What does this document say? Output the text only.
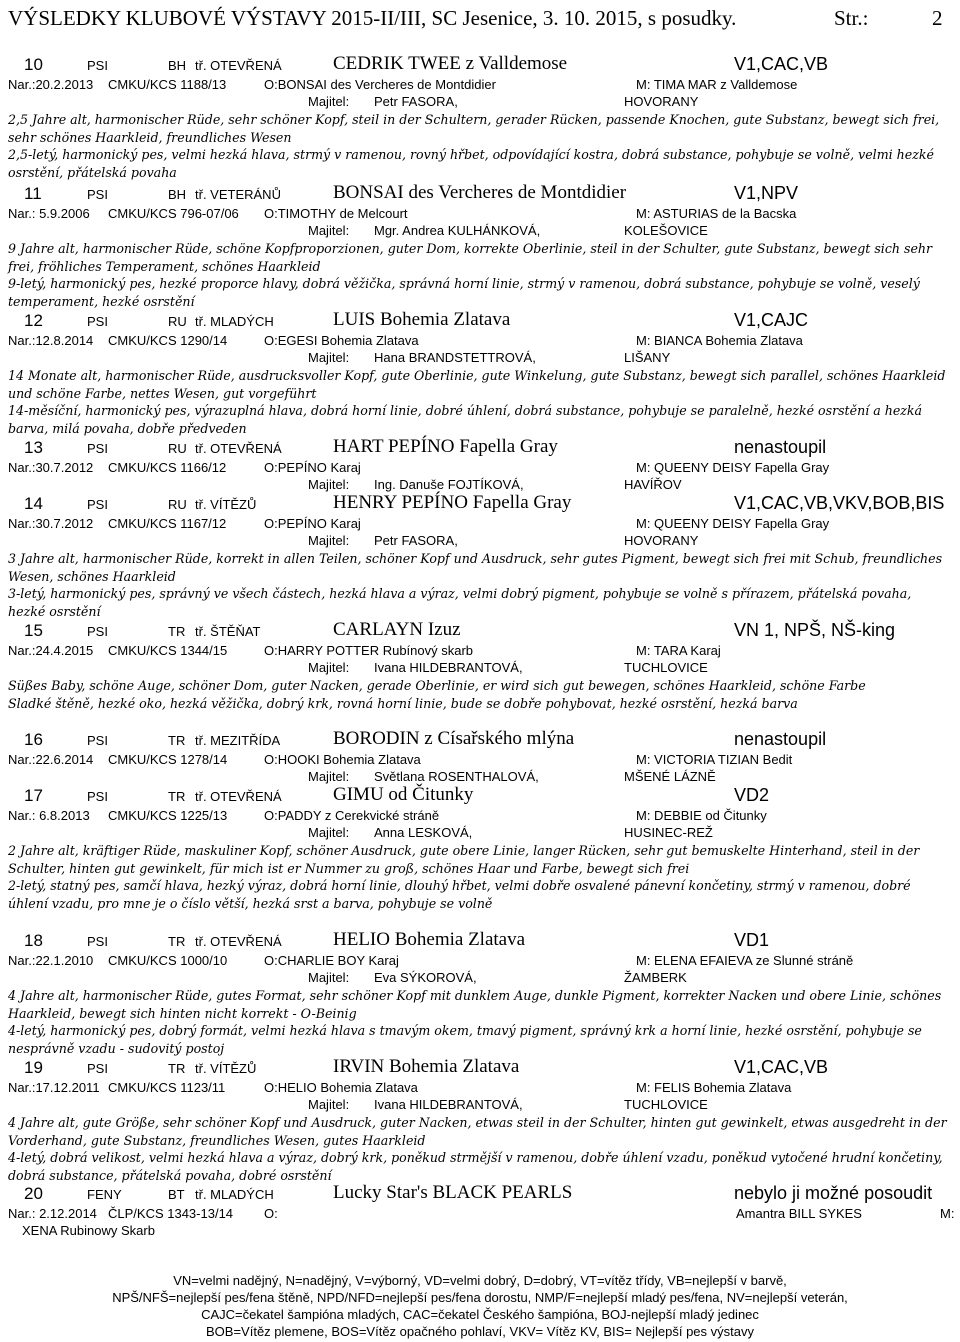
VÝSLEDKY KLUBOVÉ VÝSTAVY 2015-II/III, SC Jesenice, 3. 10. 2015, s posudky.	Str.:	2
10	PSI	BH tř. OTEVŘENÁ	CEDRIK TWEE z Valldemose	V1,CAC,VB
Nar.:20.2.2013 CMKU/KCS 1188/13	O:BONSAI des Vercheres de Montdidier	M: TIMA MAR z Valldemose
Majitel: Petr FASORA,	HOVORANY
2,5 Jahre alt, harmonischer Rüde, sehr schöner Kopf, steil in der Schultern, gerader Rücken, passende Knochen, gute Substanz, bewegt sich frei, sehr schönes Haarkleid, freundliches Wesen
2,5-letý, harmonický pes, velmi hezká hlava, strmý v ramenou, rovný hřbet, odpovídající kostra, dobrá substance, pohybuje se volně, velmi hezké osrstění, přátelská povaha
11	PSI	BH tř. VETERÁNŮ	BONSAI des Vercheres de Montdidier	V1,NPV
Nar.: 5.9.2006 CMKU/KCS 796-07/06 O:TIMOTHY de Melcourt	M: ASTURIAS de la Bacska
Majitel: Mgr. Andrea KULHÁNKOVÁ,	KOLEŠOVICE
9 Jahre alt, harmonischer Rüde, schöne Kopfproporzionen, guter Dom, korrekte Oberlinie, steil in der Schulter, gute Substanz, bewegt sich sehr frei, fröhliches Temperament, schönes Haarkleid
9-letý, harmonický pes, hezké proporce hlavy, dobrá věžička, správná horní linie, strmý v ramenou, dobrá substance, pohybuje se volně, veselý temperament, hezké osrstění
12	PSI	RU tř. MLADÝCH	LUIS Bohemia Zlatava	V1,CAJC
Nar.:12.8.2014 CMKU/KCS 1290/14	O:EGESI Bohemia Zlatava	M: BIANCA Bohemia Zlatava
Majitel: Hana BRANDSTETTROVÁ,	LIŠANY
14 Monate alt, harmonischer Rüde, ausdrucksvoller Kopf, gute Oberlinie, gute Winkelung, gute Substanz, bewegt sich parallel, schönes Haarkleid und schöne Farbe, nettes Wesen, gut vorgeführt
14-měsíční, harmonický pes, výrazuplná hlava, dobrá horní linie, dobré úhlení, dobrá substance, pohybuje se paralelně, hezké osrstění a hezká barva, milá povaha, dobře předveden
13	PSI	RU tř. OTEVŘENÁ	HART PEPÍNO Fapella Gray	nenastoupil
Nar.:30.7.2012 CMKU/KCS 1166/12	O:PEPÍNO Karaj	M: QUEENY DEISY Fapella Gray
Majitel: Ing. Danuše FOJTÍKOVÁ,	HAVÍŘOV
14	PSI	RU tř. VÍTĚZŮ	HENRY PEPÍNO Fapella Gray	V1,CAC,VB,VKV,BOB,BIS
Nar.:30.7.2012 CMKU/KCS 1167/12	O:PEPÍNO Karaj	M: QUEENY DEISY Fapella Gray
Majitel: Petr FASORA,	HOVORANY
3 Jahre alt, harmonischer Rüde, korrekt in allen Teilen, schöner Kopf und Ausdruck, sehr gutes Pigment, bewegt sich frei mit Schub, freundliches Wesen, schönes Haarkleid
3-letý, harmonický pes, správný ve všech částech, hezká hlava a výraz, velmi dobrý pigment, pohybuje se volně s přírazem, přátelská povaha, hezké osrstění
15	PSI	TR tř. ŠTĚŇAT	CARLAYN Izuz	VN 1, NPŠ, NŠ-king
Nar.:24.4.2015 CMKU/KCS 1344/15	O:HARRY POTTER Rubínový skarb	M: TARA Karaj
Majitel: Ivana HILDEBRANTOVÁ,	TUCHLOVICE
Süßes Baby, schöne Auge, schöner Dom, guter Nacken, gerade Oberlinie, er wird sich gut bewegen, schönes Haarkleid, schöne Farbe
Sladké štěně, hezké oko, hezká věžička, dobrý krk, rovná horní linie, bude se dobře pohybovat, hezké osrstění, hezká barva
16	PSI	TR tř. MEZITŘÍDA	BORODIN z Císařského mlýna	nenastoupil
Nar.:22.6.2014 CMKU/KCS 1278/14	O:HOOKI Bohemia Zlatava	M: VICTORIA TIZIAN Bedit
Majitel: Světlana ROSENTHALOVÁ,	MŠENÉ LÁZNĚ
17	PSI	TR tř. OTEVŘENÁ	GIMU od Čitunky	VD2
Nar.: 6.8.2013 CMKU/KCS 1225/13	O:PADDY z Cerekvické stráně	M: DEBBIE od Čitunky
Majitel: Anna LESKOVÁ,	HUSINEC-REŽ
2 Jahre alt, kräftiger Rüde, maskuliner Kopf, schöner Ausdruck, gute obere Linie, langer Rücken, sehr gut bemuskelte Hinterhand, steil in der Schulter, hinten gut gewinkelt, für mich ist er Nummer zu groß, schönes Haar und Farbe, bewegt sich frei
2-letý, statný pes, samčí hlava, hezký výraz, dobrá horní linie, dlouhý hřbet, velmi dobře osvalené pánevní končetiny, strmý v ramenou, dobré úhlení vzadu, pro mne je o číslo větší, hezká srst a barva, pohybuje se volně
18	PSI	TR tř. OTEVŘENÁ	HELIO Bohemia Zlatava	VD1
Nar.:22.1.2010 CMKU/KCS 1000/10	O:CHARLIE BOY Karaj	M: ELENA EFAIEVA ze Slunné stráně
Majitel: Eva SÝKOROVÁ,	ŽAMBERK
4 Jahre alt, harmonischer Rüde, gutes Format, sehr schöner Kopf mit dunklem Auge, dunkle Pigment, korrekter Nacken und obere Linie, schönes Haarkleid, bewegt sich hinten nicht korrekt - O-Beinig
4-letý, harmonický pes, dobrý formát, velmi hezká hlava s tmavým okem, tmavý pigment, správný krk a horní linie, hezké osrstění, pohybuje se nesprávně vzadu - sudovitý postoj
19	PSI	TR tř. VÍTĚZŮ	IRVIN Bohemia Zlatava	V1,CAC,VB
Nar.:17.12.2011 CMKU/KCS 1123/11	O:HELIO Bohemia Zlatava	M: FELIS Bohemia Zlatava
Majitel: Ivana HILDEBRANTOVÁ,	TUCHLOVICE
4 Jahre alt, gute Größe, sehr schöner Kopf und Ausdruck, guter Nacken, etwas steil in der Schulter, hinten gut gewinkelt, etwas ausgedreht in der Vorderhand, gute Substanz, freundliches Wesen, gutes Haarkleid
4-letý, dobrá velikost, velmi hezká hlava a výraz, dobrý krk, poněkud strmější v ramenou, dobře úhlení vzadu, poněkud vytočené hrudní končetiny, dobrá substance, přátelská povaha, dobré osrstění
20	FENY	BT tř. MLADÝCH	Lucky Star's BLACK PEARLS	nebylo ji možné posoudit
Nar.: 2.12.2014 ČLP/KCS 1343-13/14 O:	Amantra BILL SYKES	M:
XENA Rubinowy Skarb
VN=velmi nadějný, N=nadějný, V=výborný, VD=velmi dobrý, D=dobrý, VT=vítěz třídy, VB=nejlepší v barvě,
NPŠ/NFŠ=nejlepší pes/fena štěně, NPD/NFD=nejlepší pes/fena dorostu, NMP/F=nejlepší mladý pes/fena, NV=nejlepší veterán,
CAJC=čekatel šampióna mladých, CAC=čekatel Českého šampióna, BOJ-nejlepší mladý jedinec
BOB=Vítěz plemene, BOS=Vítěz opačného pohlaví, VKV= Vítěz KV, BIS= Nejlepší pes výstavy
